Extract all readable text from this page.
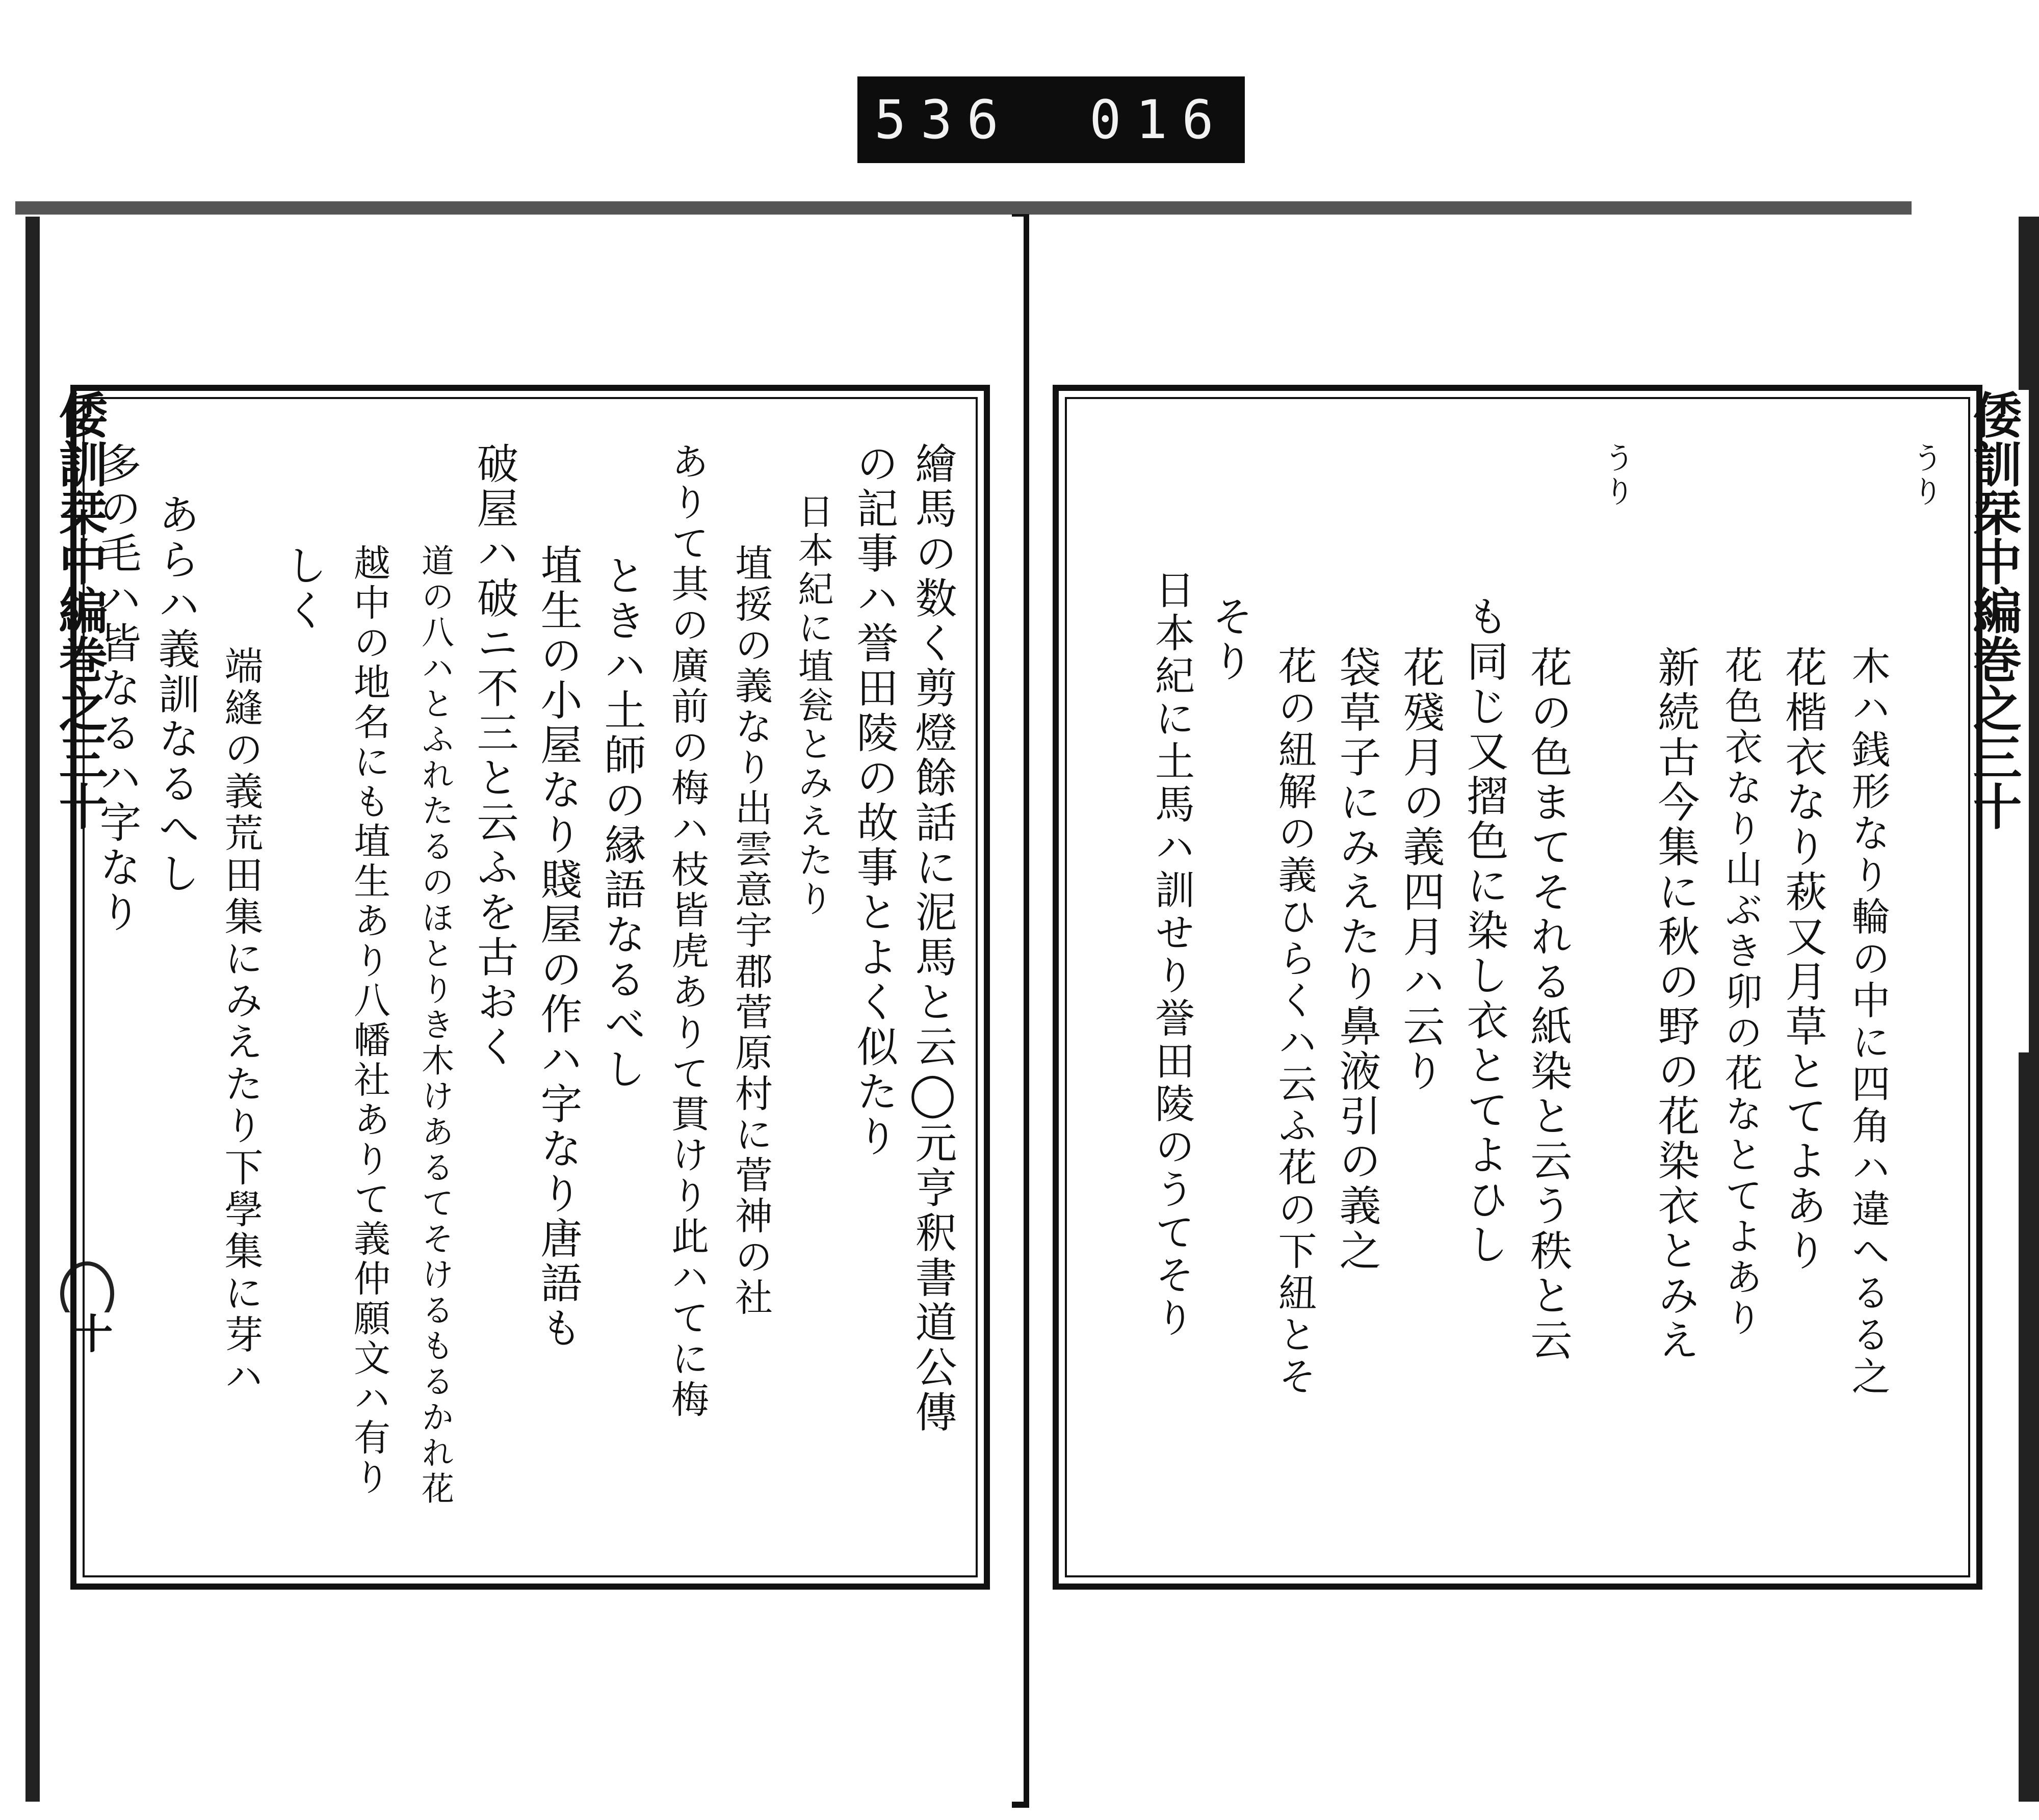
536 016
倭訓栞中編巻之三十
十	繪馬の数く剪燈餘話に泥馬と云◯元亨釈書道公傳
の記事ハ誉田陵の故事とよく似たり
日本紀に埴瓮とみえたり
埴挼の義なり出雲意宇郡菅原村に菅神の社
ありて其の廣前の梅ハ枝皆虎ありて貫けり此ハてに梅
ときハ土師の縁語なるべし
埴生の小屋なり賤屋の作ハ字なり唐語も
破屋ハ破ニ不三と云ふを古おく
道の八ハとふれたるのほとりき木けあるてそけるもるかれ花
越中の地名にも埴生あり八幡社ありて義仲願文ハ有り
しく
端縫の義荒田集にみえたり下學集に芽ハ
あらハ義訓なるへし
多の毛ハ皆なるハ字なり	倭訓栞中編巻之三十
うり
木ハ銭形なり輪の中に四角ハ違へるる之
花楷衣なり萩又月草とてよあり
花色衣なり山ぶき卯の花なとてよあり
新続古今集に秋の野の花染衣とみえ
うり
花の色まてそれる紙染と云う秩と云
も同じ又摺色に染し衣とてよひし
花殘月の義四月ハ云り
袋草子にみえたり鼻液引の義之
花の紐解の義ひらくハ云ふ花の下紐とそ
そり
日本紀に土馬ハ訓せり誉田陵のうてそり
